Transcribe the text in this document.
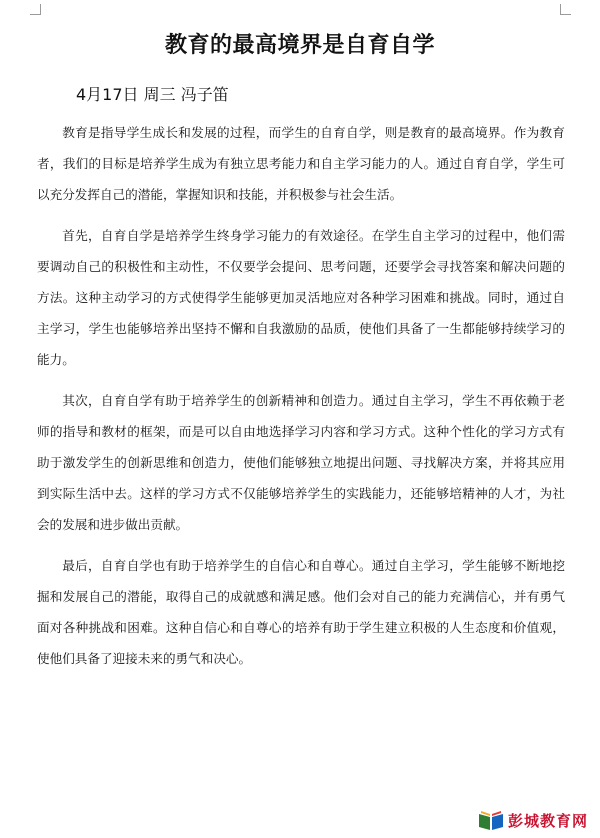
教育的最高境界是自育自学
4月17日 周三 冯子笛

教育是指导学生成长和发展的过程，而学生的自育自学，则是教育的最高境界。作为教育者，我们的目标是培养学生成为有独立思考能力和自主学习能力的人。通过自育自学，学生可以充分发挥自己的潜能，掌握知识和技能，并积极参与社会生活。

首先，自育自学是培养学生终身学习能力的有效途径。在学生自主学习的过程中，他们需要调动自己的积极性和主动性，不仅要学会提问、思考问题，还要学会寻找答案和解决问题的方法。这种主动学习的方式使得学生能够更加灵活地应对各种学习困难和挑战。同时，通过自主学习，学生也能够培养出坚持不懈和自我激励的品质，使他们具备了一生都能够持续学习的能力。

其次，自育自学有助于培养学生的创新精神和创造力。通过自主学习，学生不再依赖于老师的指导和教材的框架，而是可以自由地选择学习内容和学习方式。这种个性化的学习方式有助于激发学生的创新思维和创造力，使他们能够独立地提出问题、寻找解决方案，并将其应用到实际生活中去。这样的学习方式不仅能够培养学生的实践能力，还能够培精神的人才，为社会的发展和进步做出贡献。

最后，自育自学也有助于培养学生的自信心和自尊心。通过自主学习，学生能够不断地挖掘和发展自己的潜能，取得自己的成就感和满足感。他们会对自己的能力充满信心，并有勇气面对各种挑战和困难。这种自信心和自尊心的培养有助于学生建立积极的人生态度和价值观，使他们具备了迎接未来的勇气和决心。

彭城教育网
